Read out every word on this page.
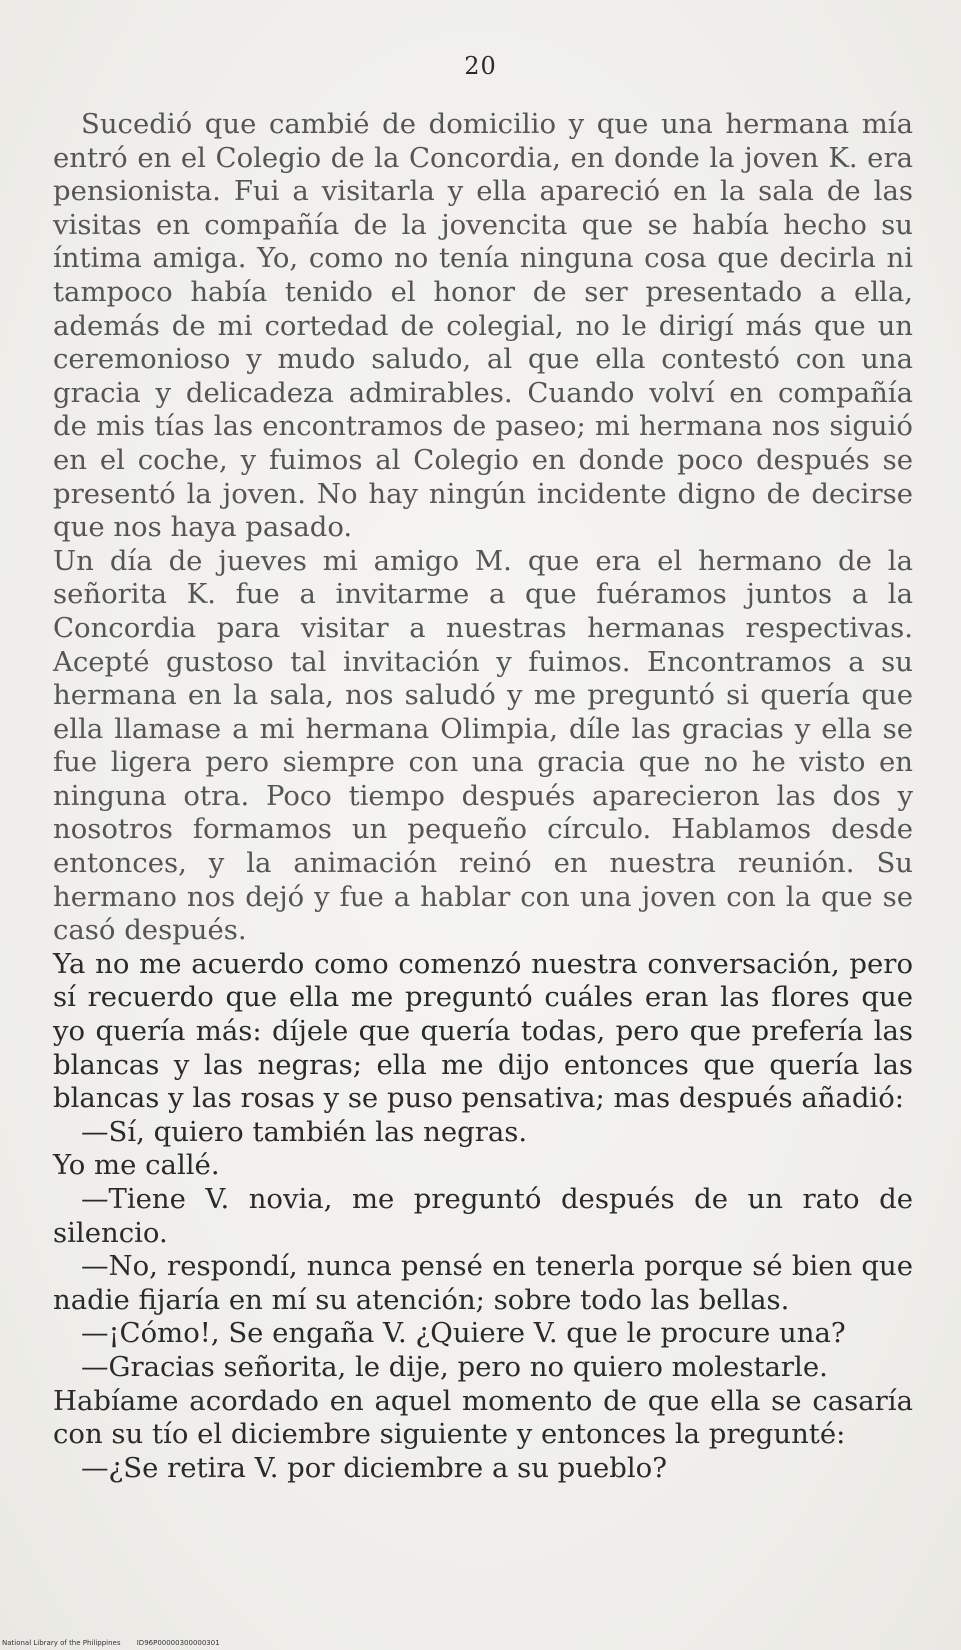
20

Sucedió que cambié de domicilio y que una hermana mía entró en el Colegio de la Concordia, en donde la joven K. era pensionista. Fui a visitarla y ella apareció en la sala de las visitas en compañía de la jovencita que se había hecho su íntima amiga. Yo, como no tenía ninguna cosa que decirla ni tampoco había tenido el honor de ser presentado a ella, además de mi cortedad de colegial, no le dirigí más que un ceremonioso y mudo saludo, al que ella contestó con una gracia y delicadeza admirables. Cuando volví en compañía de mis tías las encontramos de paseo; mi hermana nos siguió en el coche, y fuimos al Colegio en donde poco después se presentó la joven. No hay ningún incidente digno de decirse que nos haya pasado.

Un día de jueves mi amigo M. que era el hermano de la señorita K. fue a invitarme a que fuéramos juntos a la Concordia para visitar a nuestras hermanas respectivas. Acepté gustoso tal invitación y fuimos. Encontramos a su hermana en la sala, nos saludó y me preguntó si quería que ella llamase a mi hermana Olimpia, díle las gracias y ella se fue ligera pero siempre con una gracia que no he visto en ninguna otra. Poco tiempo después aparecieron las dos y nosotros formamos un pequeño círculo. Hablamos desde entonces, y la animación reinó en nuestra reunión. Su hermano nos dejó y fue a hablar con una joven con la que se casó después.

Ya no me acuerdo como comenzó nuestra conversación, pero sí recuerdo que ella me preguntó cuáles eran las flores que yo quería más: díjele que quería todas, pero que prefería las blancas y las negras; ella me dijo entonces que quería las blancas y las rosas y se puso pensativa; mas después añadió:

—Sí, quiero también las negras.

Yo me callé.

—Tiene V. novia, me preguntó después de un rato de silencio.

—No, respondí, nunca pensé en tenerla porque sé bien que nadie fijaría en mí su atención; sobre todo las bellas.

—¡Cómo!, Se engaña V. ¿Quiere V. que le procure una?

—Gracias señorita, le dije, pero no quiero molestarle.

Habíame acordado en aquel momento de que ella se casaría con su tío el diciembre siguiente y entonces la pregunté:

—¿Se retira V. por diciembre a su pueblo?

National Library of the Philippines ID96P00000300000301
